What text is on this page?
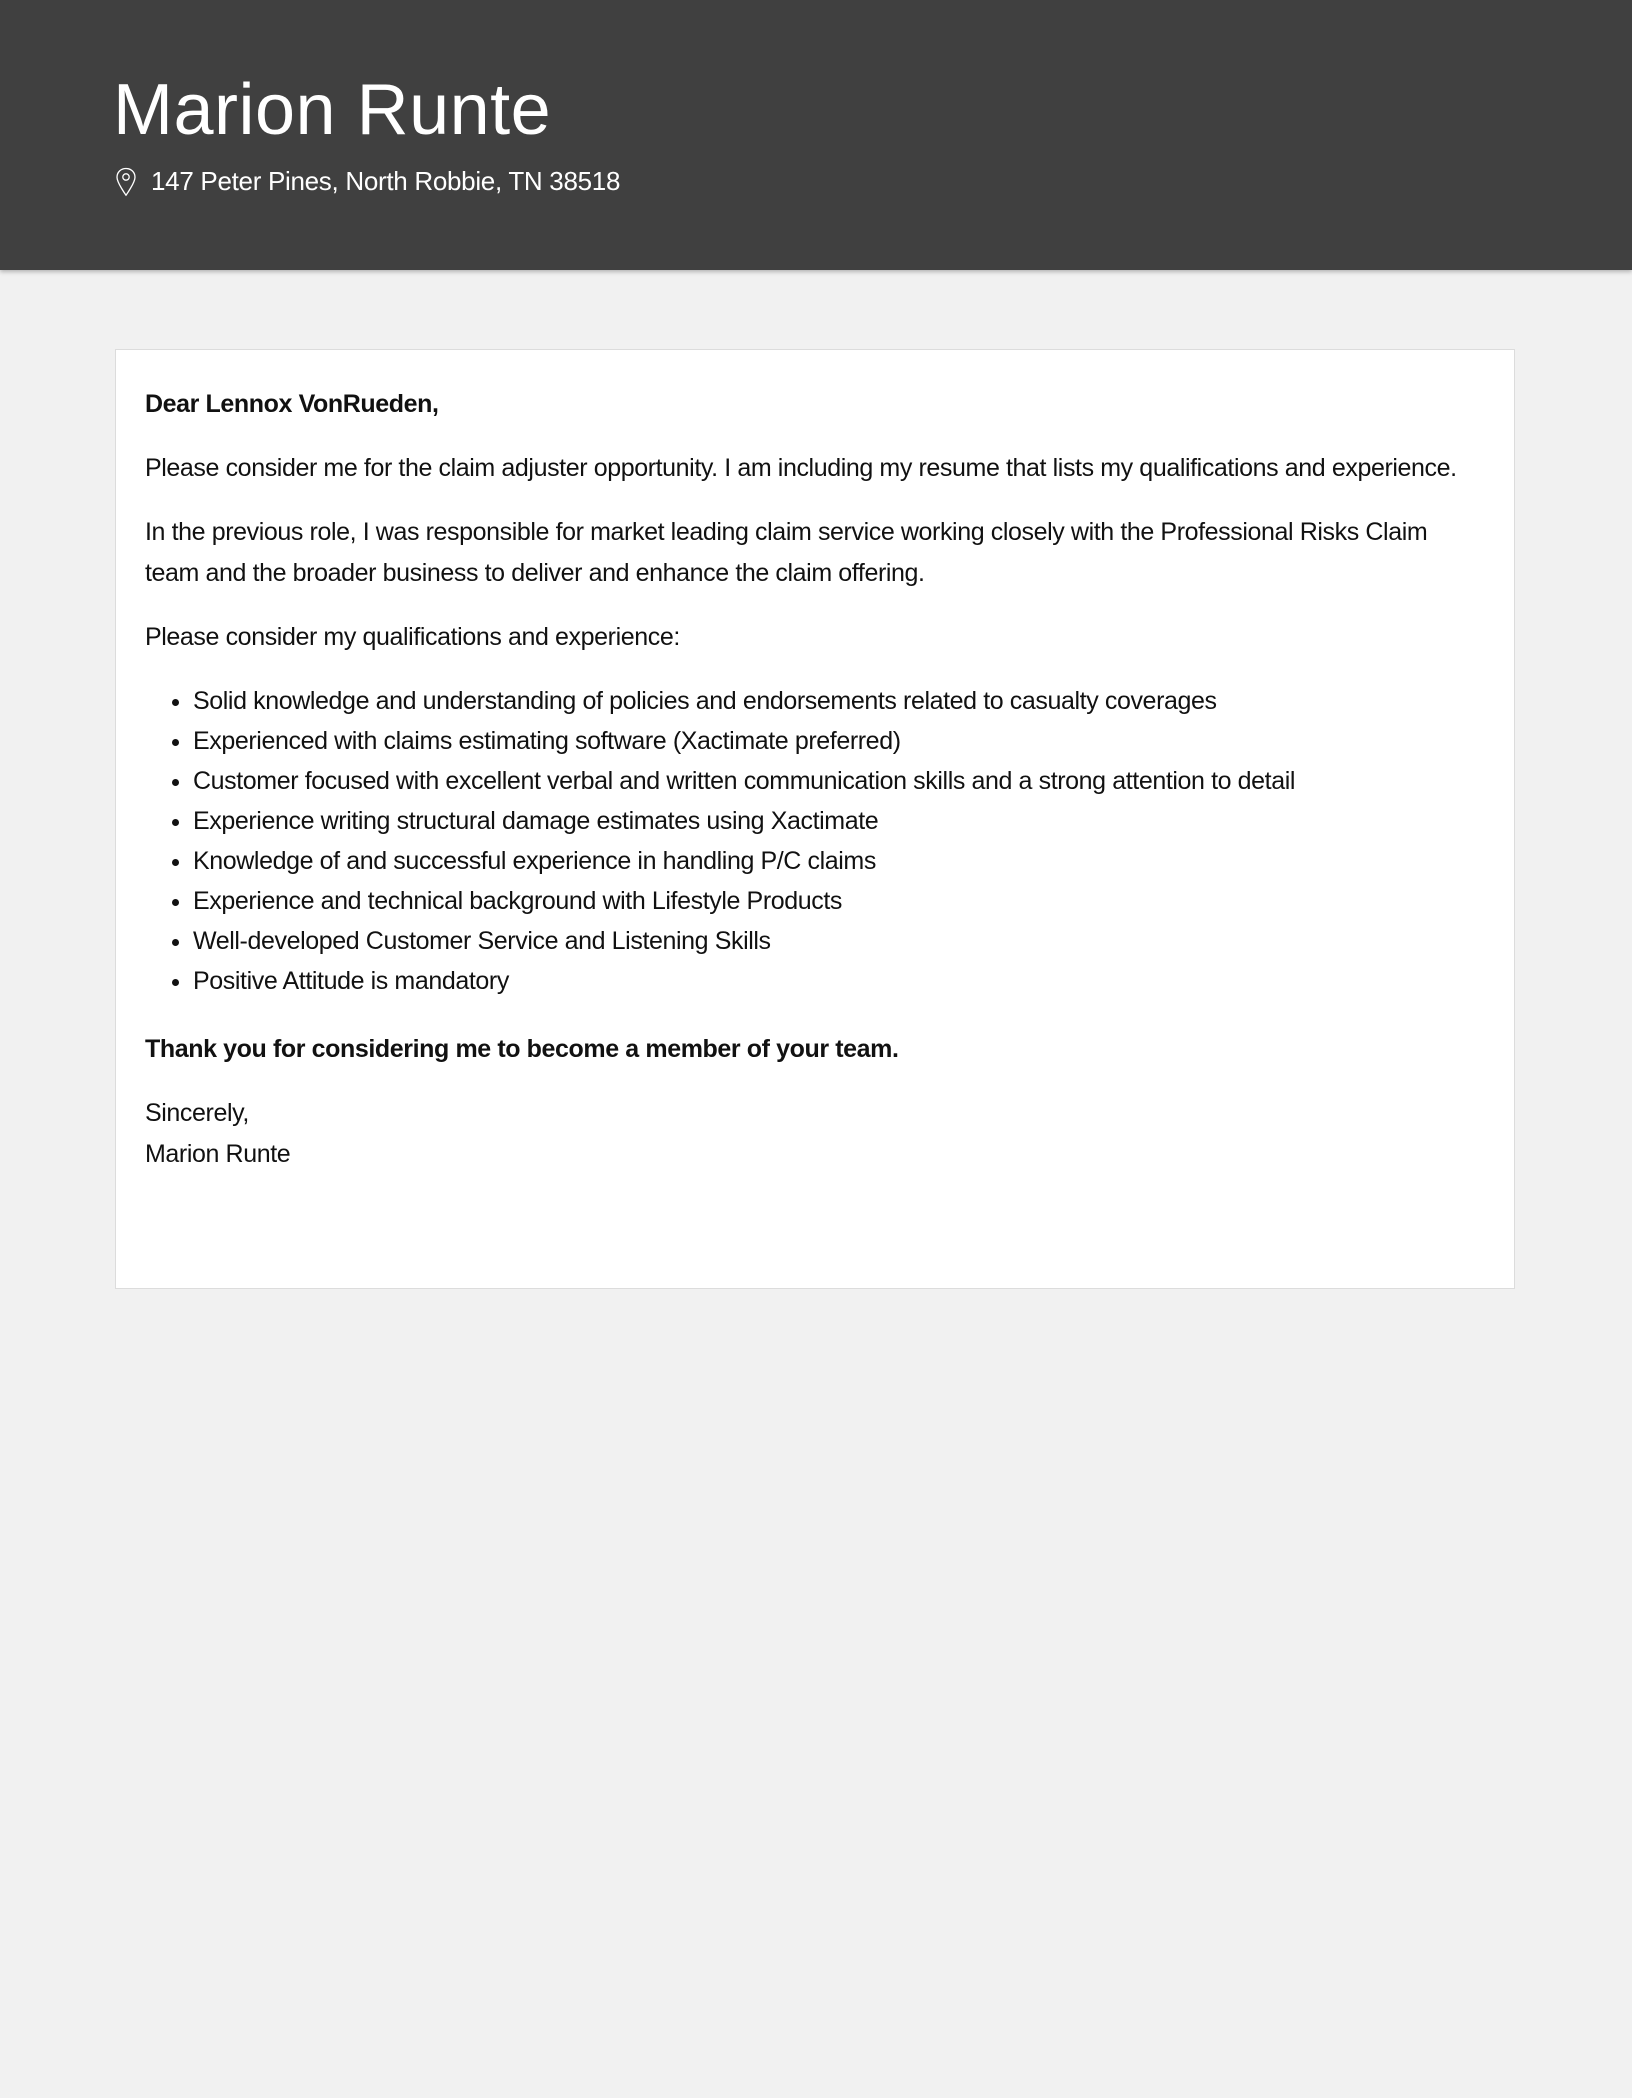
Marion Runte
147 Peter Pines, North Robbie, TN 38518

Dear Lennox VonRueden,

Please consider me for the claim adjuster opportunity. I am including my resume that lists my qualifications and experience.

In the previous role, I was responsible for market leading claim service working closely with the Professional Risks Claim team and the broader business to deliver and enhance the claim offering.

Please consider my qualifications and experience:

• Solid knowledge and understanding of policies and endorsements related to casualty coverages
• Experienced with claims estimating software (Xactimate preferred)
• Customer focused with excellent verbal and written communication skills and a strong attention to detail
• Experience writing structural damage estimates using Xactimate
• Knowledge of and successful experience in handling P/C claims
• Experience and technical background with Lifestyle Products
• Well-developed Customer Service and Listening Skills
• Positive Attitude is mandatory

Thank you for considering me to become a member of your team.

Sincerely,
Marion Runte
